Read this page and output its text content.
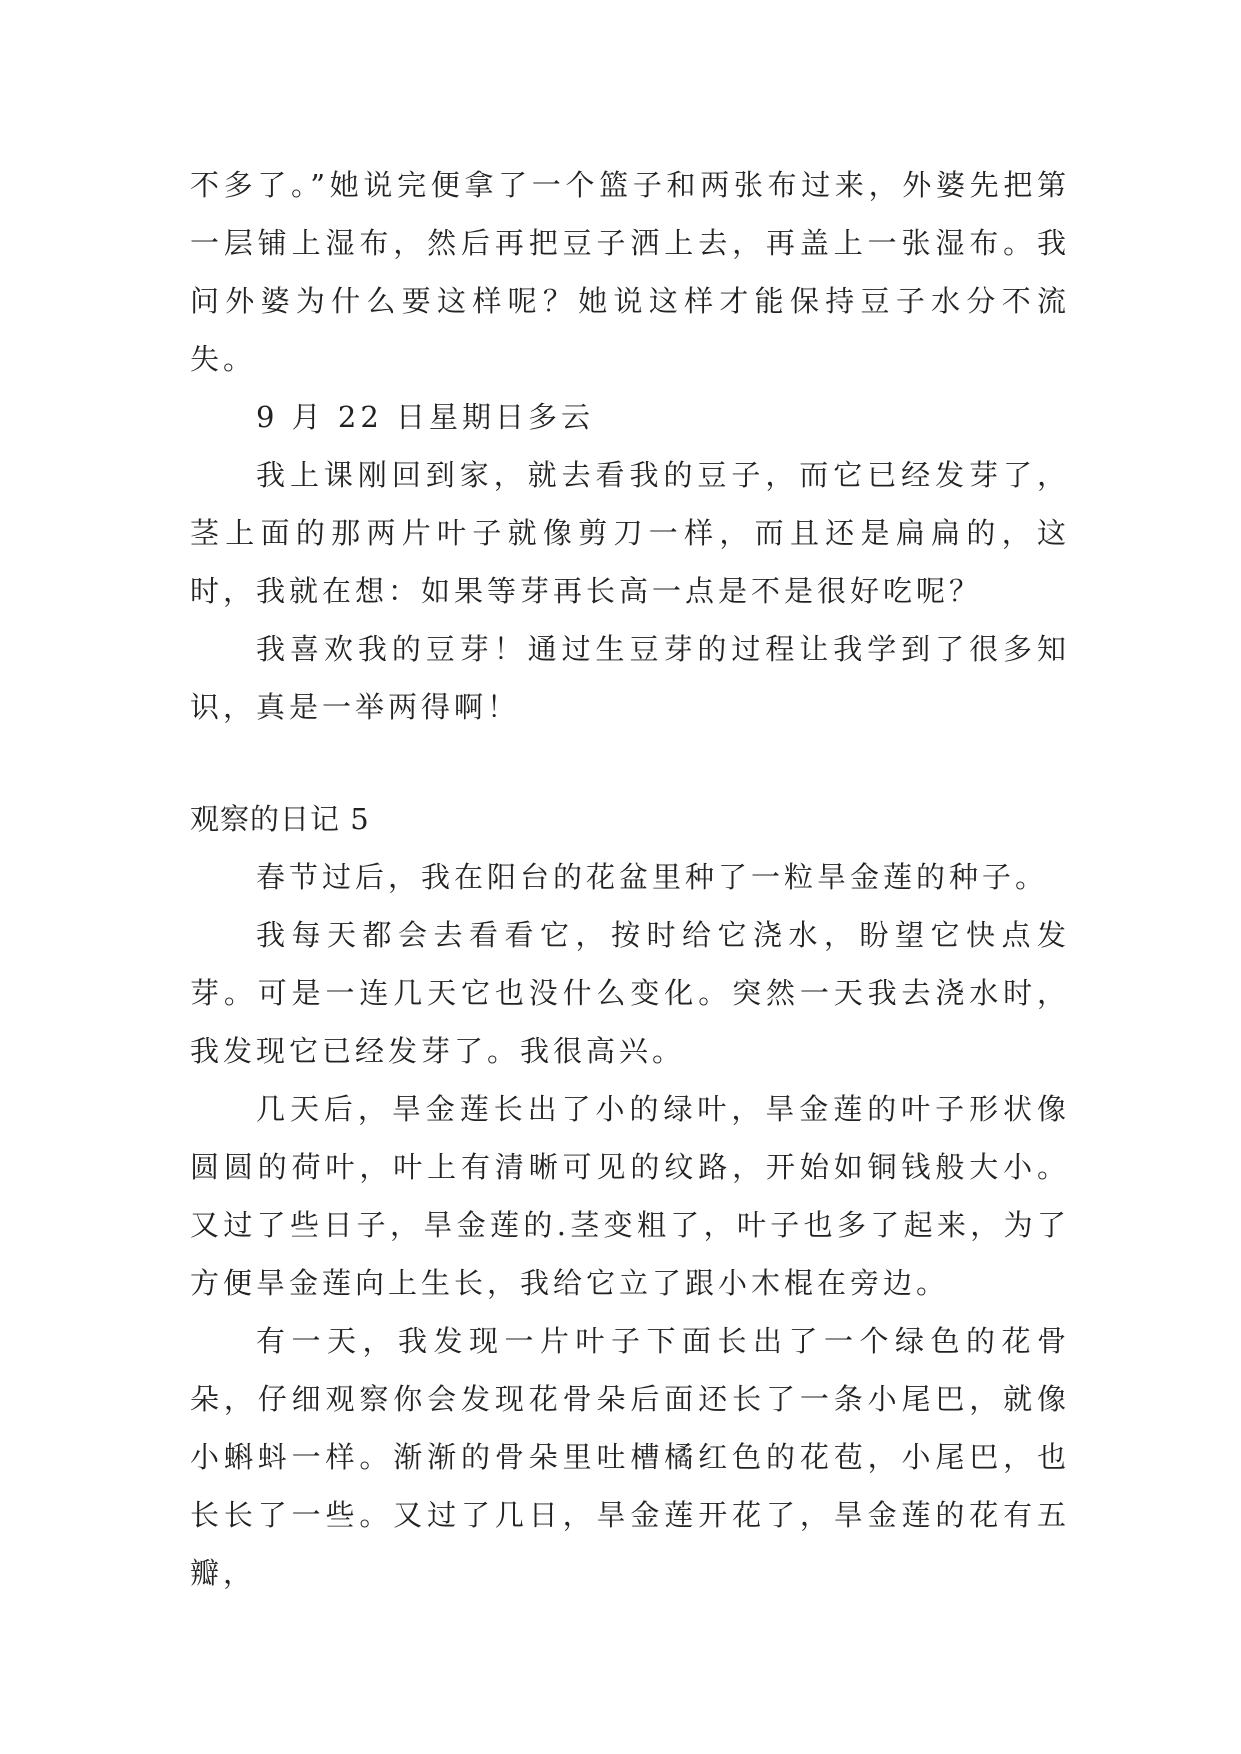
不多了。”她说完便拿了一个篮子和两张布过来，外婆先把第一层铺上湿布，然后再把豆子洒上去，再盖上一张湿布。我问外婆为什么要这样呢？她说这样才能保持豆子水分不流失。

9 月 22 日星期日多云

我上课刚回到家，就去看我的豆子，而它已经发芽了，茎上面的那两片叶子就像剪刀一样，而且还是扁扁的，这时，我就在想：如果等芽再长高一点是不是很好吃呢？

我喜欢我的豆芽！通过生豆芽的过程让我学到了很多知识，真是一举两得啊！

观察的日记 5

春节过后，我在阳台的花盆里种了一粒旱金莲的种子。

我每天都会去看看它，按时给它浇水，盼望它快点发芽。可是一连几天它也没什么变化。突然一天我去浇水时，我发现它已经发芽了。我很高兴。

几天后，旱金莲长出了小的绿叶，旱金莲的叶子形状像圆圆的荷叶，叶上有清晰可见的纹路，开始如铜钱般大小。又过了些日子，旱金莲的.茎变粗了，叶子也多了起来，为了方便旱金莲向上生长，我给它立了跟小木棍在旁边。

有一天，我发现一片叶子下面长出了一个绿色的花骨朵，仔细观察你会发现花骨朵后面还长了一条小尾巴，就像小蝌蚪一样。渐渐的骨朵里吐槽橘红色的花苞，小尾巴，也长长了一些。又过了几日，旱金莲开花了，旱金莲的花有五瓣，
